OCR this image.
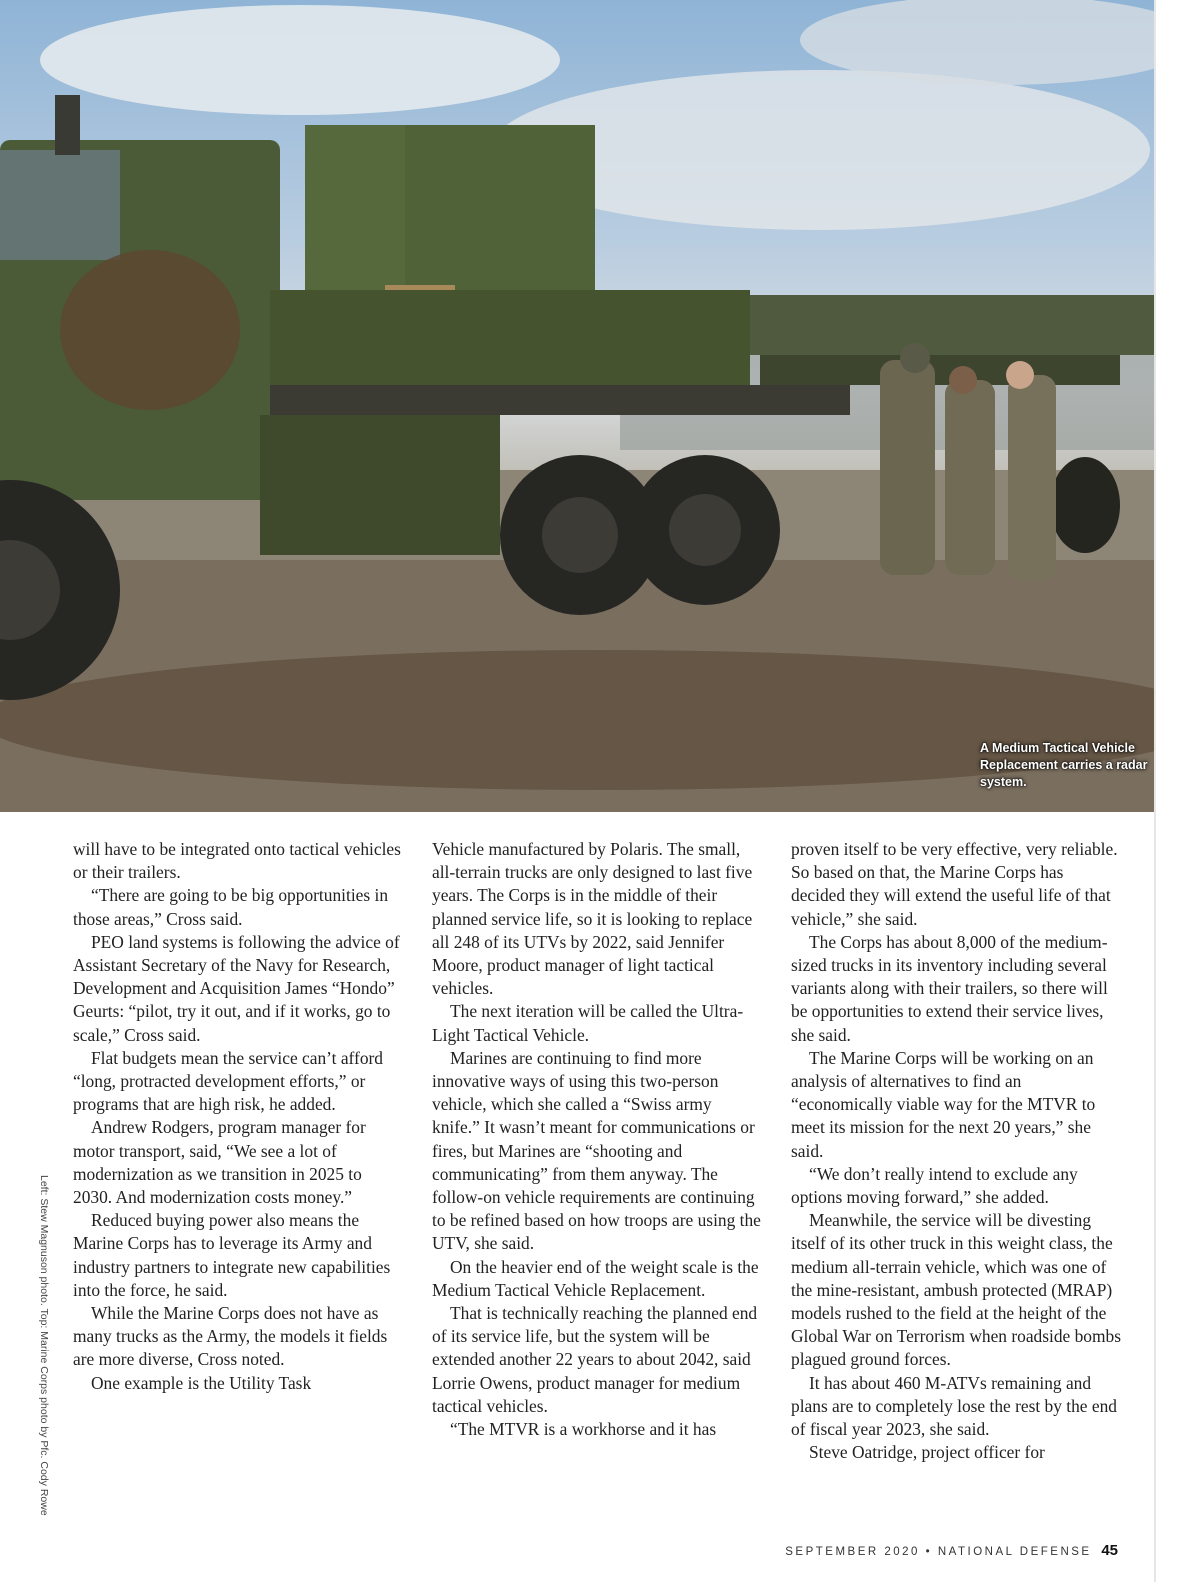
A Medium Tactical Vehicle Replacement carries a radar system.
Left: Stew Magnuson photo. Top: Marine Corps photo by Pfc. Cody Rowe

will have to be integrated onto tactical vehicles or their trailers.

“There are going to be big opportunities in those areas,” Cross said.

PEO land systems is following the advice of Assistant Secretary of the Navy for Research, Development and Acquisition James “Hondo” Geurts: “pilot, try it out, and if it works, go to scale,” Cross said.

Flat budgets mean the service can’t afford “long, protracted development efforts,” or programs that are high risk, he added.

Andrew Rodgers, program manager for motor transport, said, “We see a lot of modernization as we transition in 2025 to 2030. And modernization costs money.”

Reduced buying power also means the Marine Corps has to leverage its Army and industry partners to integrate new capabilities into the force, he said.

While the Marine Corps does not have as many trucks as the Army, the models it fields are more diverse, Cross noted.

One example is the Utility Task

Vehicle manufactured by Polaris. The small, all-terrain trucks are only designed to last five years. The Corps is in the middle of their planned service life, so it is looking to replace all 248 of its UTVs by 2022, said Jennifer Moore, product manager of light tactical vehicles.

The next iteration will be called the Ultra-Light Tactical Vehicle.

Marines are continuing to find more innovative ways of using this two-person vehicle, which she called a “Swiss army knife.” It wasn’t meant for communications or fires, but Marines are “shooting and communicating” from them anyway. The follow-on vehicle requirements are continuing to be refined based on how troops are using the UTV, she said.

On the heavier end of the weight scale is the Medium Tactical Vehicle Replacement.

That is technically reaching the planned end of its service life, but the system will be extended another 22 years to about 2042, said Lorrie Owens, product manager for medium tactical vehicles.

“The MTVR is a workhorse and it has

proven itself to be very effective, very reliable. So based on that, the Marine Corps has decided they will extend the useful life of that vehicle,” she said.

The Corps has about 8,000 of the medium-sized trucks in its inventory including several variants along with their trailers, so there will be opportunities to extend their service lives, she said.

The Marine Corps will be working on an analysis of alternatives to find an “economically viable way for the MTVR to meet its mission for the next 20 years,” she said.

“We don’t really intend to exclude any options moving forward,” she added.

Meanwhile, the service will be divesting itself of its other truck in this weight class, the medium all-terrain vehicle, which was one of the mine-resistant, ambush protected (MRAP) models rushed to the field at the height of the Global War on Terrorism when roadside bombs plagued ground forces.

It has about 460 M-ATVs remaining and plans are to completely lose the rest by the end of fiscal year 2023, she said.

Steve Oatridge, project officer for

SEPTEMBER 2020 • NATIONAL DEFENSE 45
